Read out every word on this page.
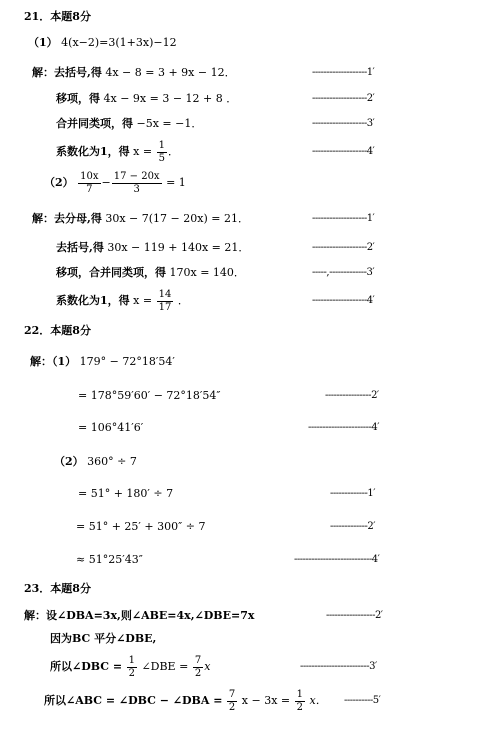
21．本题8分
（1） 4(x−2)=3(1+3x)−12
解：去括号,得 4x − 8 = 3 + 9x − 12．	-------------------1′
移项，得 4x − 9x = 3 − 12 + 8 ．	-------------------2′
合并同类项，得 −5x = −1．	-------------------3′
系数化为1，得 $x = \frac{1}{5}$ ．	-------------------4′
$(2) \frac{10x}{7} - \frac{17 - 20x}{3} = 1$
解：去分母,得 30x − 7(17 − 20x) = 21．	-------------------1′
去括号,得 30x − 119 + 140x = 21．	-------------------2′
移项，合并同类项，得 170x = 140．	-----,-------------3′
系数化为1，得 $x = \frac{14}{17}$ ．	-------------------4′
22．本题8分
解：（1） 179° − 72°18′54′
= 178°59′60′ − 72°18′54″	----------------2′
= 106°41′6′	----------------------4′
（2） 360° ÷ 7
= 51° + 180′ ÷ 7	-------------1′
= 51° + 25′ + 300″ ÷ 7	-------------2′
≈ 51°25′43″	---------------------------4′
23．本题8分
解：设∠DBA=3x,则∠ABE=4x,∠DBE=7x	-----------------2′
因为BC 平分∠DBE,
所以∠DBC = $\frac{1}{2}$ ∠DBE = $\frac{7}{2}$ x	------------------------3′
所以∠ABC = ∠DBC − ∠DBA = $\frac{7}{2}$ $x - 3x = \frac{1}{2}$ x． ----------5′
